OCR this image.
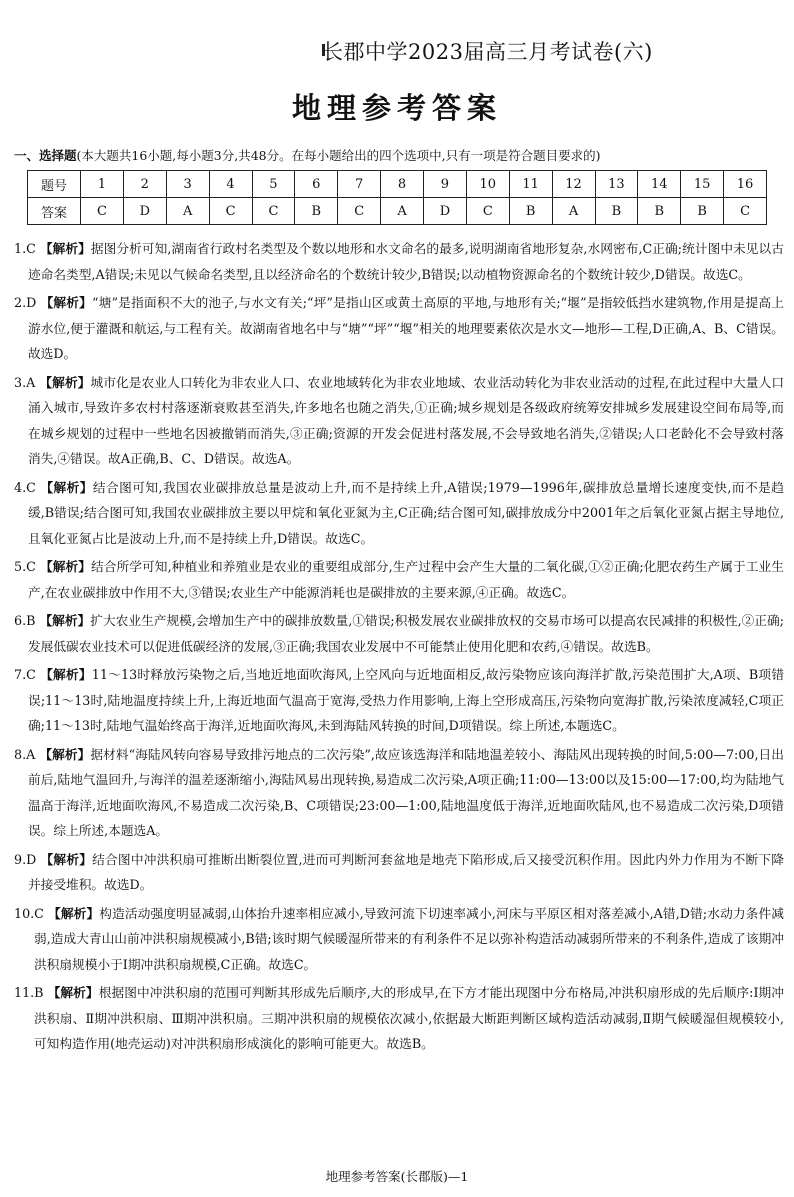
长郡中学2023届高三月考试卷(六)
地理参考答案
一、选择题(本大题共16小题,每小题3分,共48分。在每小题给出的四个选项中,只有一项是符合题目要求的)
题号	1	2	3	4	5	6	7	8	9	10	11	12	13	14	15	16
答案	C	D	A	C	C	B	C	A	D	C	B	A	B	B	B	C
1.C 【解析】据图分析可知,湖南省行政村名类型及个数以地形和水文命名的最多,说明湖南省地形复杂,水网密布,C正确;统计图中未见以古迹命名类型,A错误;未见以气候命名类型,且以经济命名的个数统计较少,B错误;以动植物资源命名的个数统计较少,D错误。故选C。
2.D 【解析】“塘”是指面积不大的池子,与水文有关;“坪”是指山区或黄土高原的平地,与地形有关;“堰”是指较低挡水建筑物,作用是提高上游水位,便于灌溉和航运,与工程有关。故湖南省地名中与“塘”“坪”“堰”相关的地理要素依次是水文—地形—工程,D正确,A、B、C错误。故选D。
3.A 【解析】城市化是农业人口转化为非农业人口、农业地域转化为非农业地域、农业活动转化为非农业活动的过程,在此过程中大量人口涌入城市,导致许多农村村落逐渐衰败甚至消失,许多地名也随之消失,①正确;城乡规划是各级政府统筹安排城乡发展建设空间布局等,而在城乡规划的过程中一些地名因被撤销而消失,③正确;资源的开发会促进村落发展,不会导致地名消失,②错误;人口老龄化不会导致村落消失,④错误。故A正确,B、C、D错误。故选A。
4.C 【解析】结合图可知,我国农业碳排放总量是波动上升,而不是持续上升,A错误;1979—1996年,碳排放总量增长速度变快,而不是趋缓,B错误;结合图可知,我国农业碳排放主要以甲烷和氧化亚氮为主,C正确;结合图可知,碳排放成分中2001年之后氧化亚氮占据主导地位,且氧化亚氮占比是波动上升,而不是持续上升,D错误。故选C。
5.C 【解析】结合所学可知,种植业和养殖业是农业的重要组成部分,生产过程中会产生大量的二氧化碳,①②正确;化肥农药生产属于工业生产,在农业碳排放中作用不大,③错误;农业生产中能源消耗也是碳排放的主要来源,④正确。故选C。
6.B 【解析】扩大农业生产规模,会增加生产中的碳排放数量,①错误;积极发展农业碳排放权的交易市场可以提高农民减排的积极性,②正确;发展低碳农业技术可以促进低碳经济的发展,③正确;我国农业发展中不可能禁止使用化肥和农药,④错误。故选B。
7.C 【解析】11～13时释放污染物之后,当地近地面吹海风,上空风向与近地面相反,故污染物应该向海洋扩散,污染范围扩大,A项、B项错误;11～13时,陆地温度持续上升,上海近地面气温高于宽海,受热力作用影响,上海上空形成高压,污染物向宽海扩散,污染浓度减轻,C项正确;11～13时,陆地气温始终高于海洋,近地面吹海风,未到海陆风转换的时间,D项错误。综上所述,本题选C。
8.A 【解析】据材料“海陆风转向容易导致排污地点的二次污染”,故应该选海洋和陆地温差较小、海陆风出现转换的时间,5:00—7:00,日出前后,陆地气温回升,与海洋的温差逐渐缩小,海陆风易出现转换,易造成二次污染,A项正确;11:00—13:00以及15:00—17:00,均为陆地气温高于海洋,近地面吹海风,不易造成二次污染,B、C项错误;23:00—1:00,陆地温度低于海洋,近地面吹陆风,也不易造成二次污染,D项错误。综上所述,本题选A。
9.D 【解析】结合图中冲洪积扇可推断出断裂位置,进而可判断河套盆地是地壳下陷形成,后又接受沉积作用。因此内外力作用为不断下降并接受堆积。故选D。
10.C 【解析】构造活动强度明显减弱,山体抬升速率相应减小,导致河流下切速率减小,河床与平原区相对落差减小,A错,D错;水动力条件减弱,造成大青山山前冲洪积扇规模减小,B错;该时期气候暖湿所带来的有利条件不足以弥补构造活动减弱所带来的不利条件,造成了该期冲洪积扇规模小于Ⅰ期冲洪积扇规模,C正确。故选C。
11.B 【解析】根据图中冲洪积扇的范围可判断其形成先后顺序,大的形成早,在下方才能出现图中分布格局,冲洪积扇形成的先后顺序:Ⅰ期冲洪积扇、Ⅱ期冲洪积扇、Ⅲ期冲洪积扇。三期冲洪积扇的规模依次减小,依据最大断距判断区域构造活动减弱,Ⅱ期气候暖湿但规模较小,可知构造作用(地壳运动)对冲洪积扇形成演化的影响可能更大。故选B。
地理参考答案(长郡版)—1
